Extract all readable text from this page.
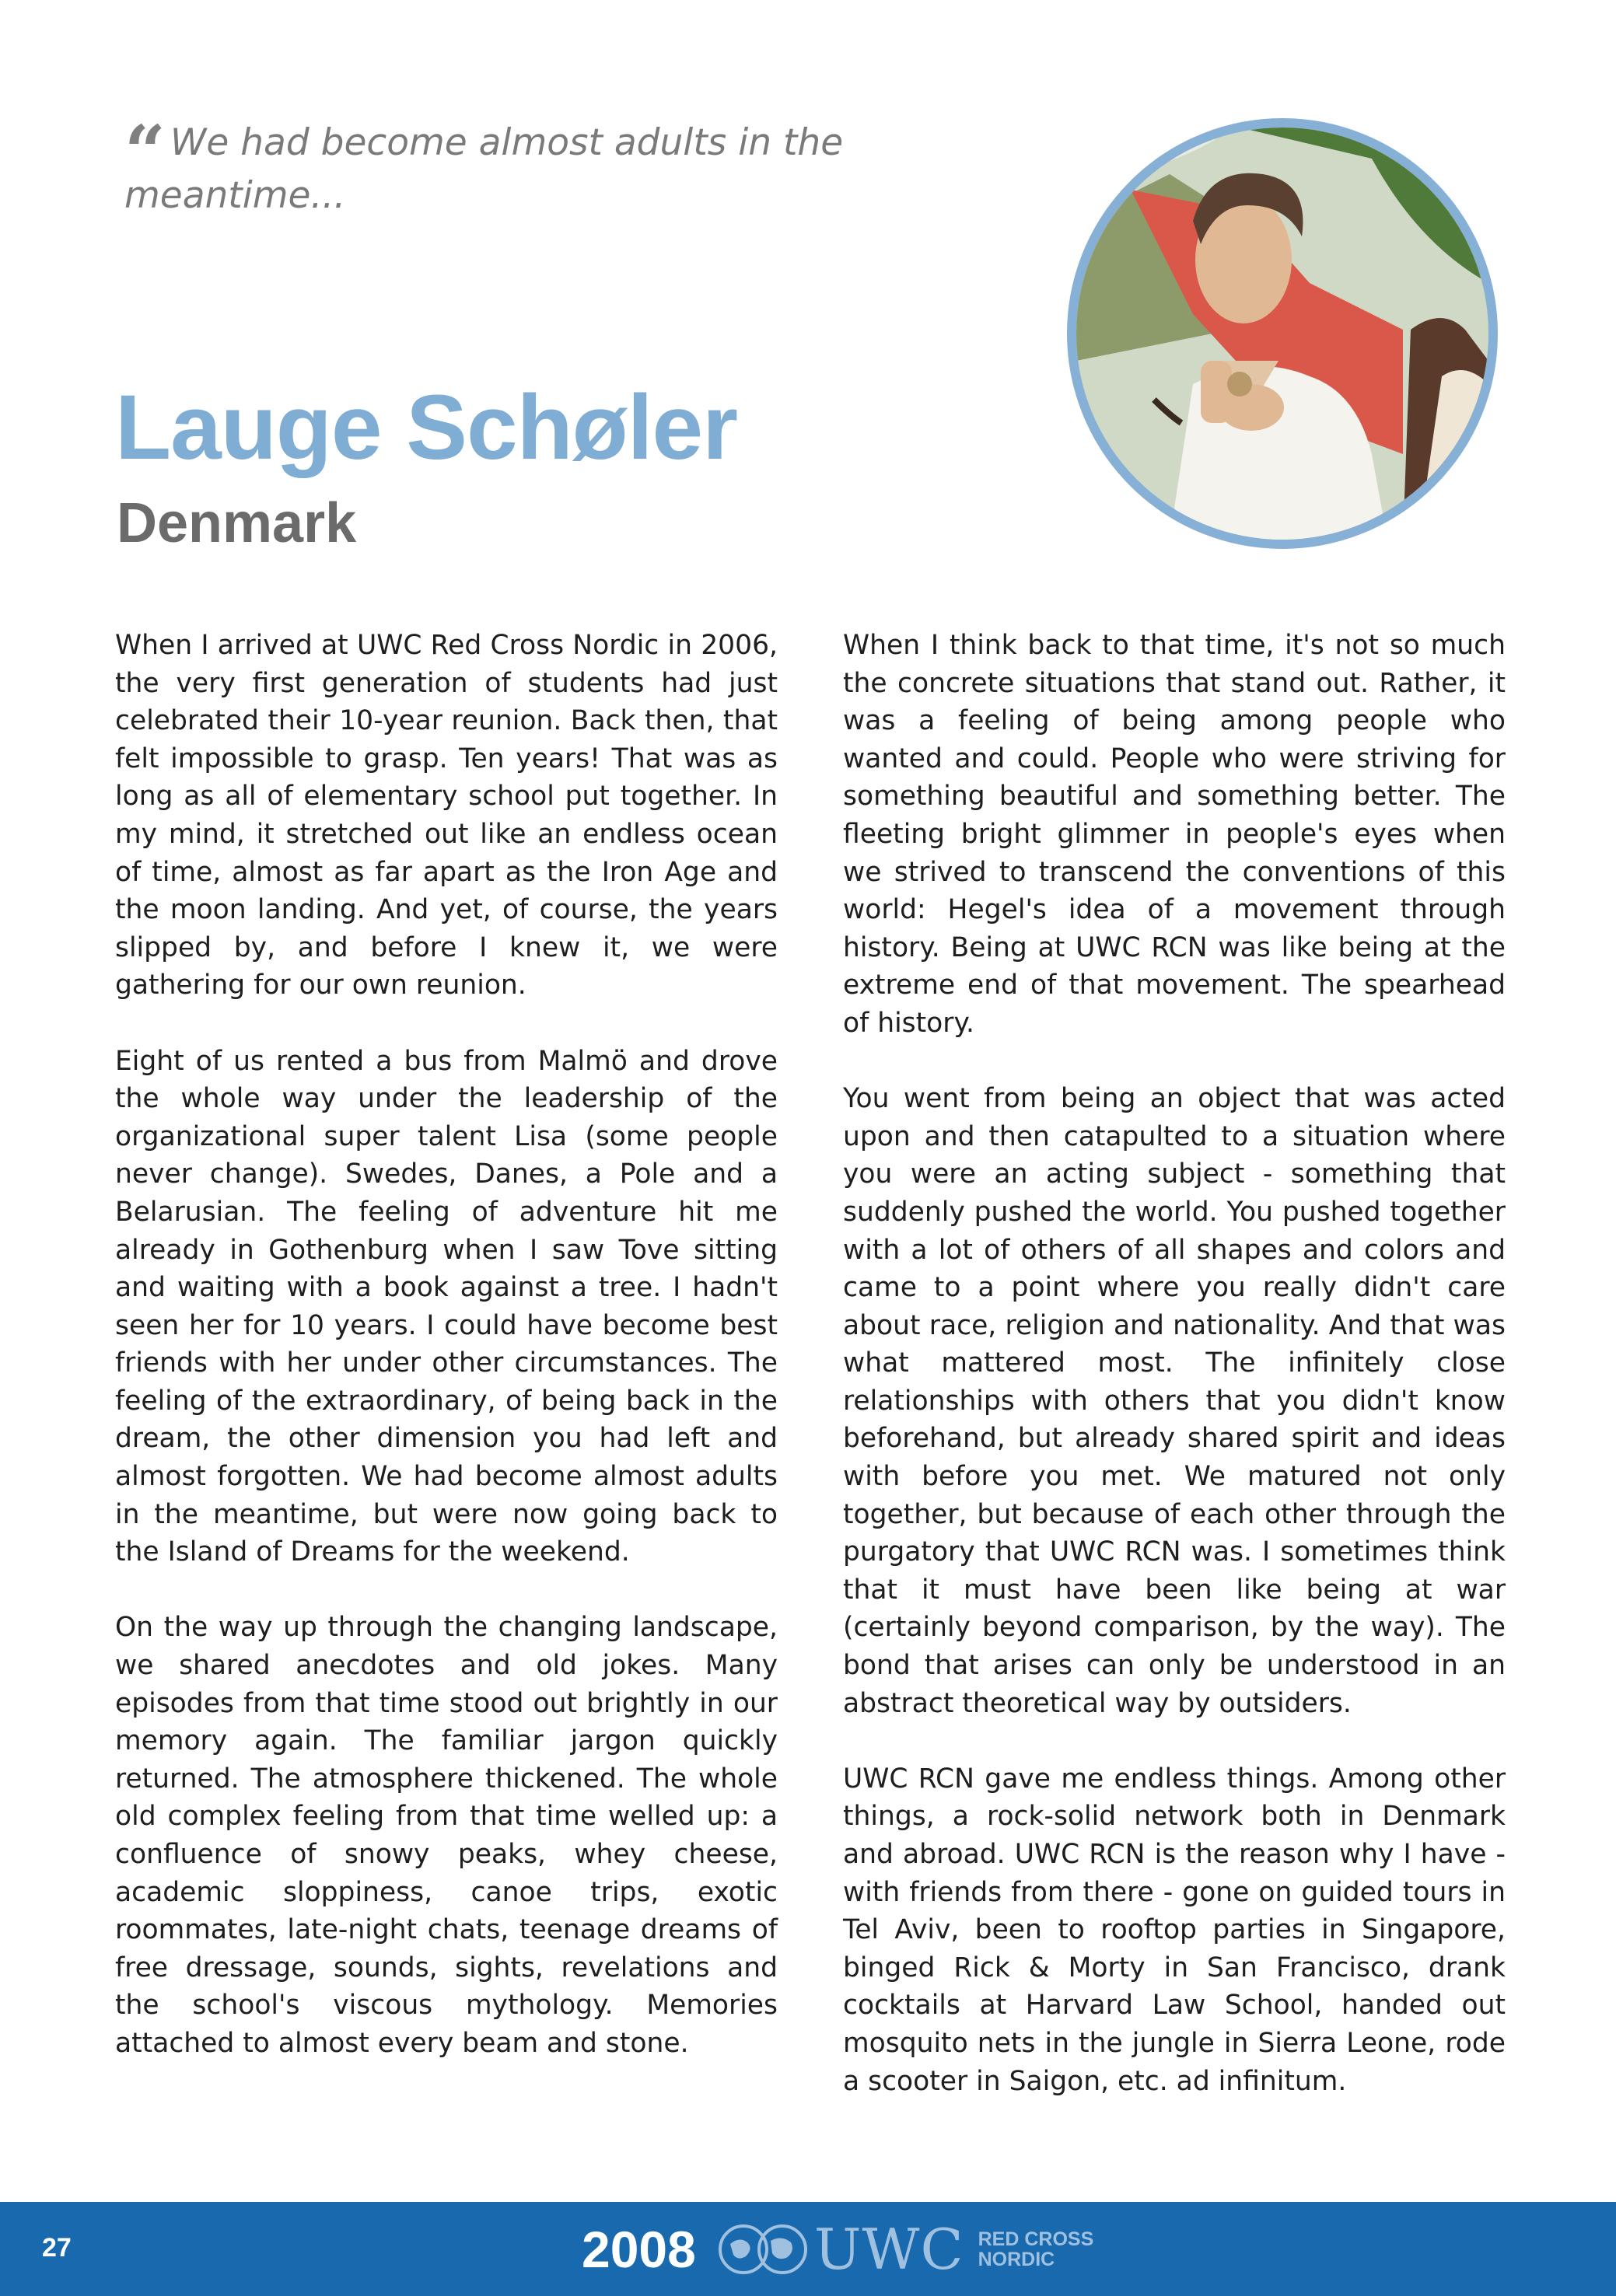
“ We had become almost adults in the meantime...
Lauge Schøler
Denmark

When I arrived at UWC Red Cross Nordic in 2006, the very first generation of students had just celebrated their 10-year reunion. Back then, that felt impossible to grasp. Ten years! That was as long as all of elementary school put together. In my mind, it stretched out like an endless ocean of time, almost as far apart as the Iron Age and the moon landing. And yet, of course, the years slipped by, and before I knew it, we were gathering for our own reunion.

Eight of us rented a bus from Malmö and drove the whole way under the leadership of the organizational super talent Lisa (some people never change). Swedes, Danes, a Pole and a Belarusian. The feeling of adventure hit me already in Gothenburg when I saw Tove sitting and waiting with a book against a tree. I hadn't seen her for 10 years. I could have become best friends with her under other circumstances. The feeling of the extraordinary, of being back in the dream, the other dimension you had left and almost forgotten. We had become almost adults in the meantime, but were now going back to the Island of Dreams for the weekend.

On the way up through the changing landscape, we shared anecdotes and old jokes. Many episodes from that time stood out brightly in our memory again. The familiar jargon quickly returned. The atmosphere thickened. The whole old complex feeling from that time welled up: a confluence of snowy peaks, whey cheese, academic sloppiness, canoe trips, exotic roommates, late-night chats, teenage dreams of free dressage, sounds, sights, revelations and the school's viscous mythology. Memories attached to almost every beam and stone.

When I think back to that time, it's not so much the concrete situations that stand out. Rather, it was a feeling of being among people who wanted and could. People who were striving for something beautiful and something better. The fleeting bright glimmer in people's eyes when we strived to transcend the conventions of this world: Hegel's idea of a movement through history. Being at UWC RCN was like being at the extreme end of that movement. The spearhead of history.

You went from being an object that was acted upon and then catapulted to a situation where you were an acting subject - something that suddenly pushed the world. You pushed together with a lot of others of all shapes and colors and came to a point where you really didn't care about race, religion and nationality. And that was what mattered most. The infinitely close relationships with others that you didn't know beforehand, but already shared spirit and ideas with before you met. We matured not only together, but because of each other through the purgatory that UWC RCN was. I sometimes think that it must have been like being at war (certainly beyond comparison, by the way). The bond that arises can only be understood in an abstract theoretical way by outsiders.

UWC RCN gave me endless things. Among other things, a rock-solid network both in Denmark and abroad. UWC RCN is the reason why I have - with friends from there - gone on guided tours in Tel Aviv, been to rooftop parties in Singapore, binged Rick & Morty in San Francisco, drank cocktails at Harvard Law School, handed out mosquito nets in the jungle in Sierra Leone, rode a scooter in Saigon, etc. ad infinitum.

27	2008 UWC RED CROSS
NORDIC
